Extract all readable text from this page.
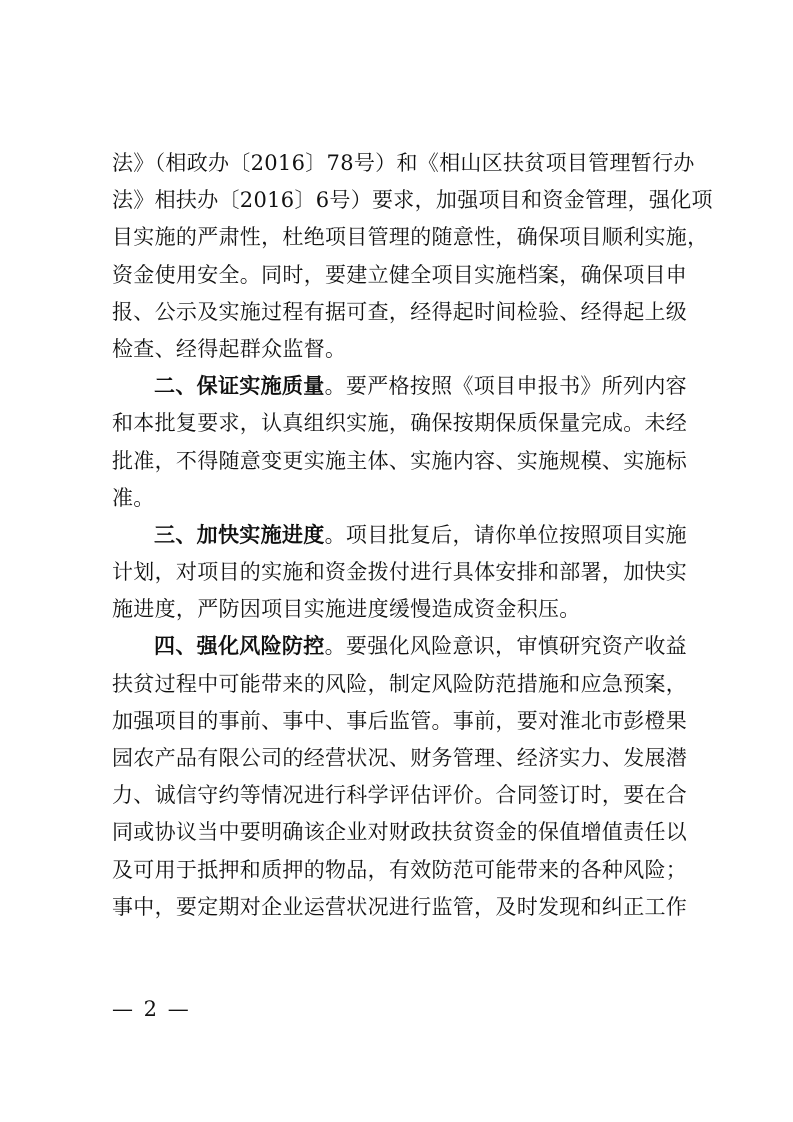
法》（相政办〔2016〕78号）和《相山区扶贫项目管理暂行办
法》相扶办〔2016〕6号）要求，加强项目和资金管理，强化项
目实施的严肃性，杜绝项目管理的随意性，确保项目顺利实施，
资金使用安全。同时，要建立健全项目实施档案，确保项目申
报、公示及实施过程有据可查，经得起时间检验、经得起上级
检查、经得起群众监督。
二、保证实施质量。要严格按照《项目申报书》所列内容
和本批复要求，认真组织实施，确保按期保质保量完成。未经
批准，不得随意变更实施主体、实施内容、实施规模、实施标
准。
三、加快实施进度。项目批复后，请你单位按照项目实施
计划，对项目的实施和资金拨付进行具体安排和部署，加快实
施进度，严防因项目实施进度缓慢造成资金积压。
四、强化风险防控。要强化风险意识，审慎研究资产收益
扶贫过程中可能带来的风险，制定风险防范措施和应急预案，
加强项目的事前、事中、事后监管。事前，要对淮北市彭橙果
园农产品有限公司的经营状况、财务管理、经济实力、发展潜
力、诚信守约等情况进行科学评估评价。合同签订时，要在合
同或协议当中要明确该企业对财政扶贫资金的保值增值责任以
及可用于抵押和质押的物品，有效防范可能带来的各种风险；
事中，要定期对企业运营状况进行监管，及时发现和纠正工作
— 2 —
